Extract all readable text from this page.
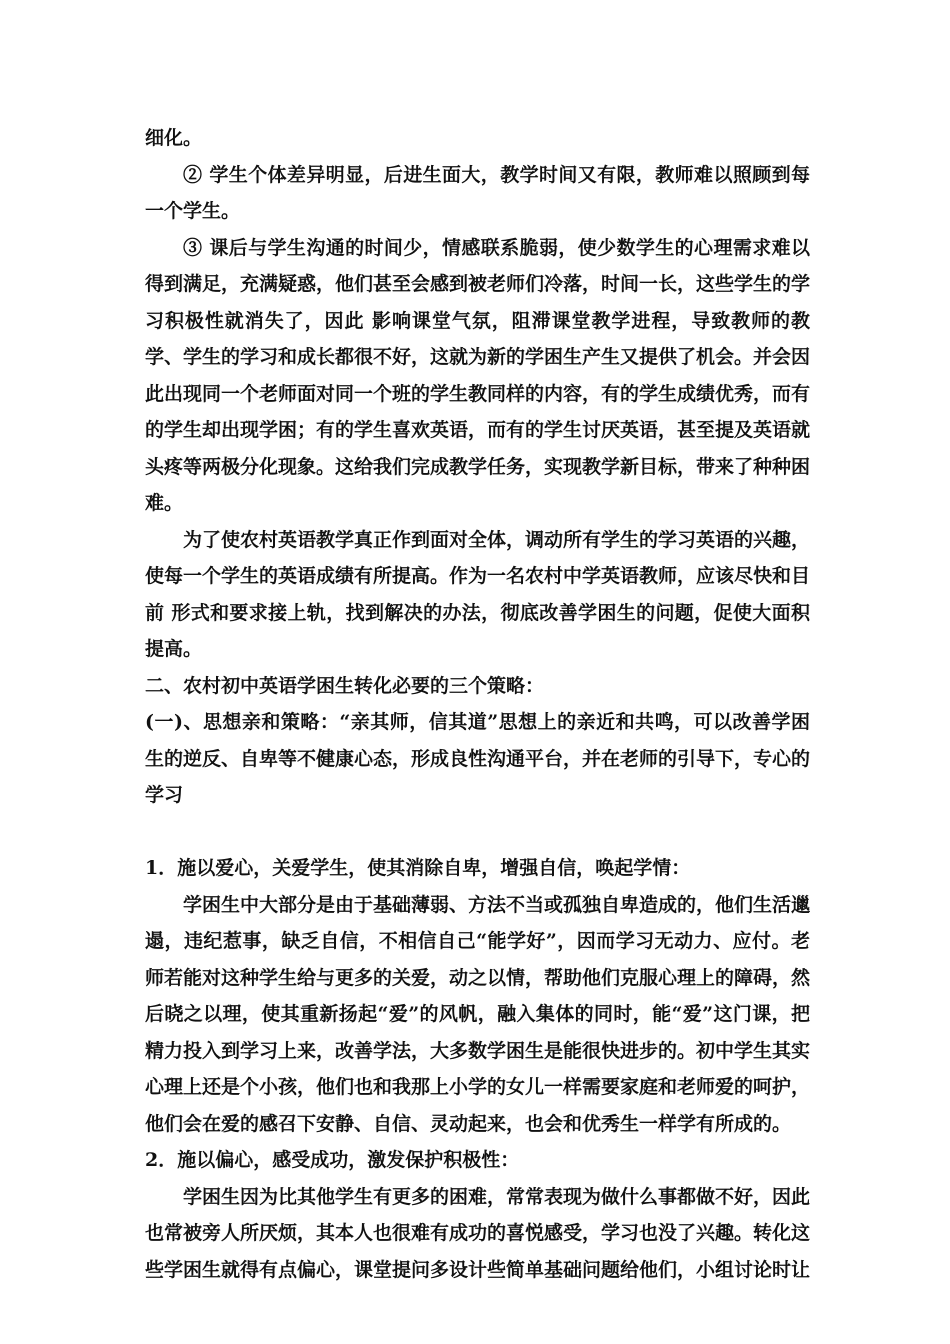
细化。

② 学生个体差异明显，后进生面大，教学时间又有限，教师难以照顾到每一个学生。

③ 课后与学生沟通的时间少，情感联系脆弱，使少数学生的心理需求难以得到满足，充满疑惑，他们甚至会感到被老师们冷落，时间一长，这些学生的学习积极性就消失了，因此 影响课堂气氛，阻滞课堂教学进程，导致教师的教学、学生的学习和成长都很不好，这就为新的学困生产生又提供了机会。并会因此出现同一个老师面对同一个班的学生教同样的内容，有的学生成绩优秀，而有的学生却出现学困；有的学生喜欢英语，而有的学生讨厌英语，甚至提及英语就头疼等两极分化现象。这给我们完成教学任务，实现教学新目标，带来了种种困难。

为了使农村英语教学真正作到面对全体，调动所有学生的学习英语的兴趣，使每一个学生的英语成绩有所提高。作为一名农村中学英语教师，应该尽快和目前 形式和要求接上轨，找到解决的办法，彻底改善学困生的问题，促使大面积提高。

二、农村初中英语学困生转化必要的三个策略：

(一)、思想亲和策略：“亲其师，信其道”思想上的亲近和共鸣，可以改善学困生的逆反、自卑等不健康心态，形成良性沟通平台，并在老师的引导下，专心的学习

1．施以爱心，关爱学生，使其消除自卑，增强自信，唤起学情：

学困生中大部分是由于基础薄弱、方法不当或孤独自卑造成的，他们生活邋遢，违纪惹事，缺乏自信，不相信自己“能学好”，因而学习无动力、应付。老师若能对这种学生给与更多的关爱，动之以情，帮助他们克服心理上的障碍，然后晓之以理，使其重新扬起“爱”的风帆，融入集体的同时，能“爱”这门课，把精力投入到学习上来，改善学法，大多数学困生是能很快进步的。初中学生其实心理上还是个小孩，他们也和我那上小学的女儿一样需要家庭和老师爱的呵护，他们会在爱的感召下安静、自信、灵动起来，也会和优秀生一样学有所成的。

2．施以偏心，感受成功，激发保护积极性：

学困生因为比其他学生有更多的困难，常常表现为做什么事都做不好，因此也常被旁人所厌烦，其本人也很难有成功的喜悦感受，学习也没了兴趣。转化这些学困生就得有点偏心，课堂提问多设计些简单基础问题给他们，小组讨论时让
